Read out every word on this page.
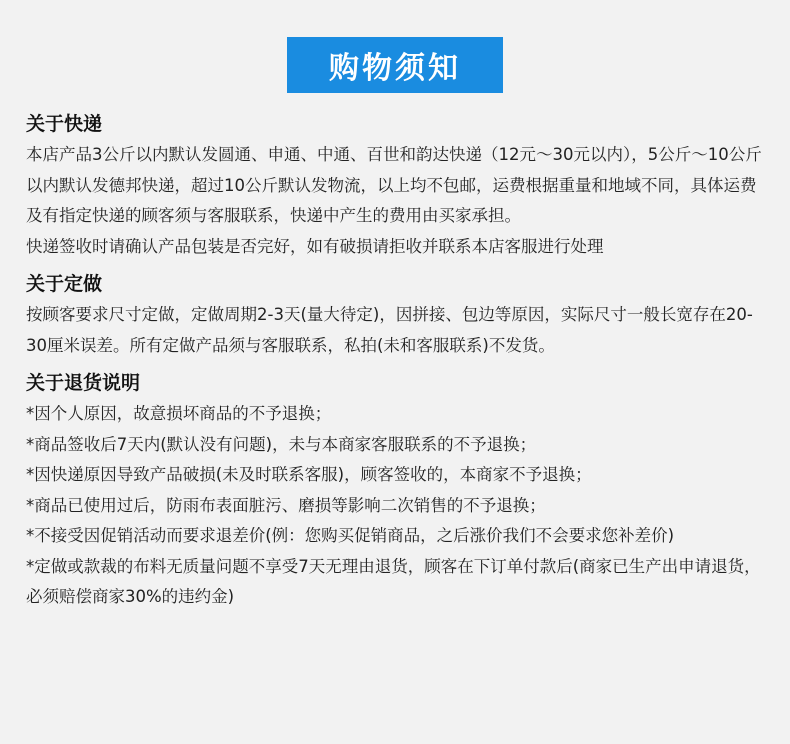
购物须知
关于快递

本店产品3公斤以内默认发圆通、申通、中通、百世和韵达快递（12元～30元以内），5公斤～10公斤以内默认发德邦快递，超过10公斤默认发物流，以上均不包邮，运费根据重量和地域不同，具体运费及有指定快递的顾客须与客服联系，快递中产生的费用由买家承担。

快递签收时请确认产品包装是否完好，如有破损请拒收并联系本店客服进行处理

关于定做

按顾客要求尺寸定做，定做周期2-3天(量大待定)，因拼接、包边等原因，实际尺寸一般长宽存在20-30厘米误差。所有定做产品须与客服联系，私拍(未和客服联系)不发货。

关于退货说明

*因个人原因，故意损坏商品的不予退换；

*商品签收后7天内(默认没有问题)，未与本商家客服联系的不予退换；

*因快递原因导致产品破损(未及时联系客服)，顾客签收的，本商家不予退换；

*商品已使用过后，防雨布表面脏污、磨损等影响二次销售的不予退换；

*不接受因促销活动而要求退差价(例：您购买促销商品，之后涨价我们不会要求您补差价)

*定做或款裁的布料无质量问题不享受7天无理由退货，顾客在下订单付款后(商家已生产出申请退货，必须赔偿商家30%的违约金)
